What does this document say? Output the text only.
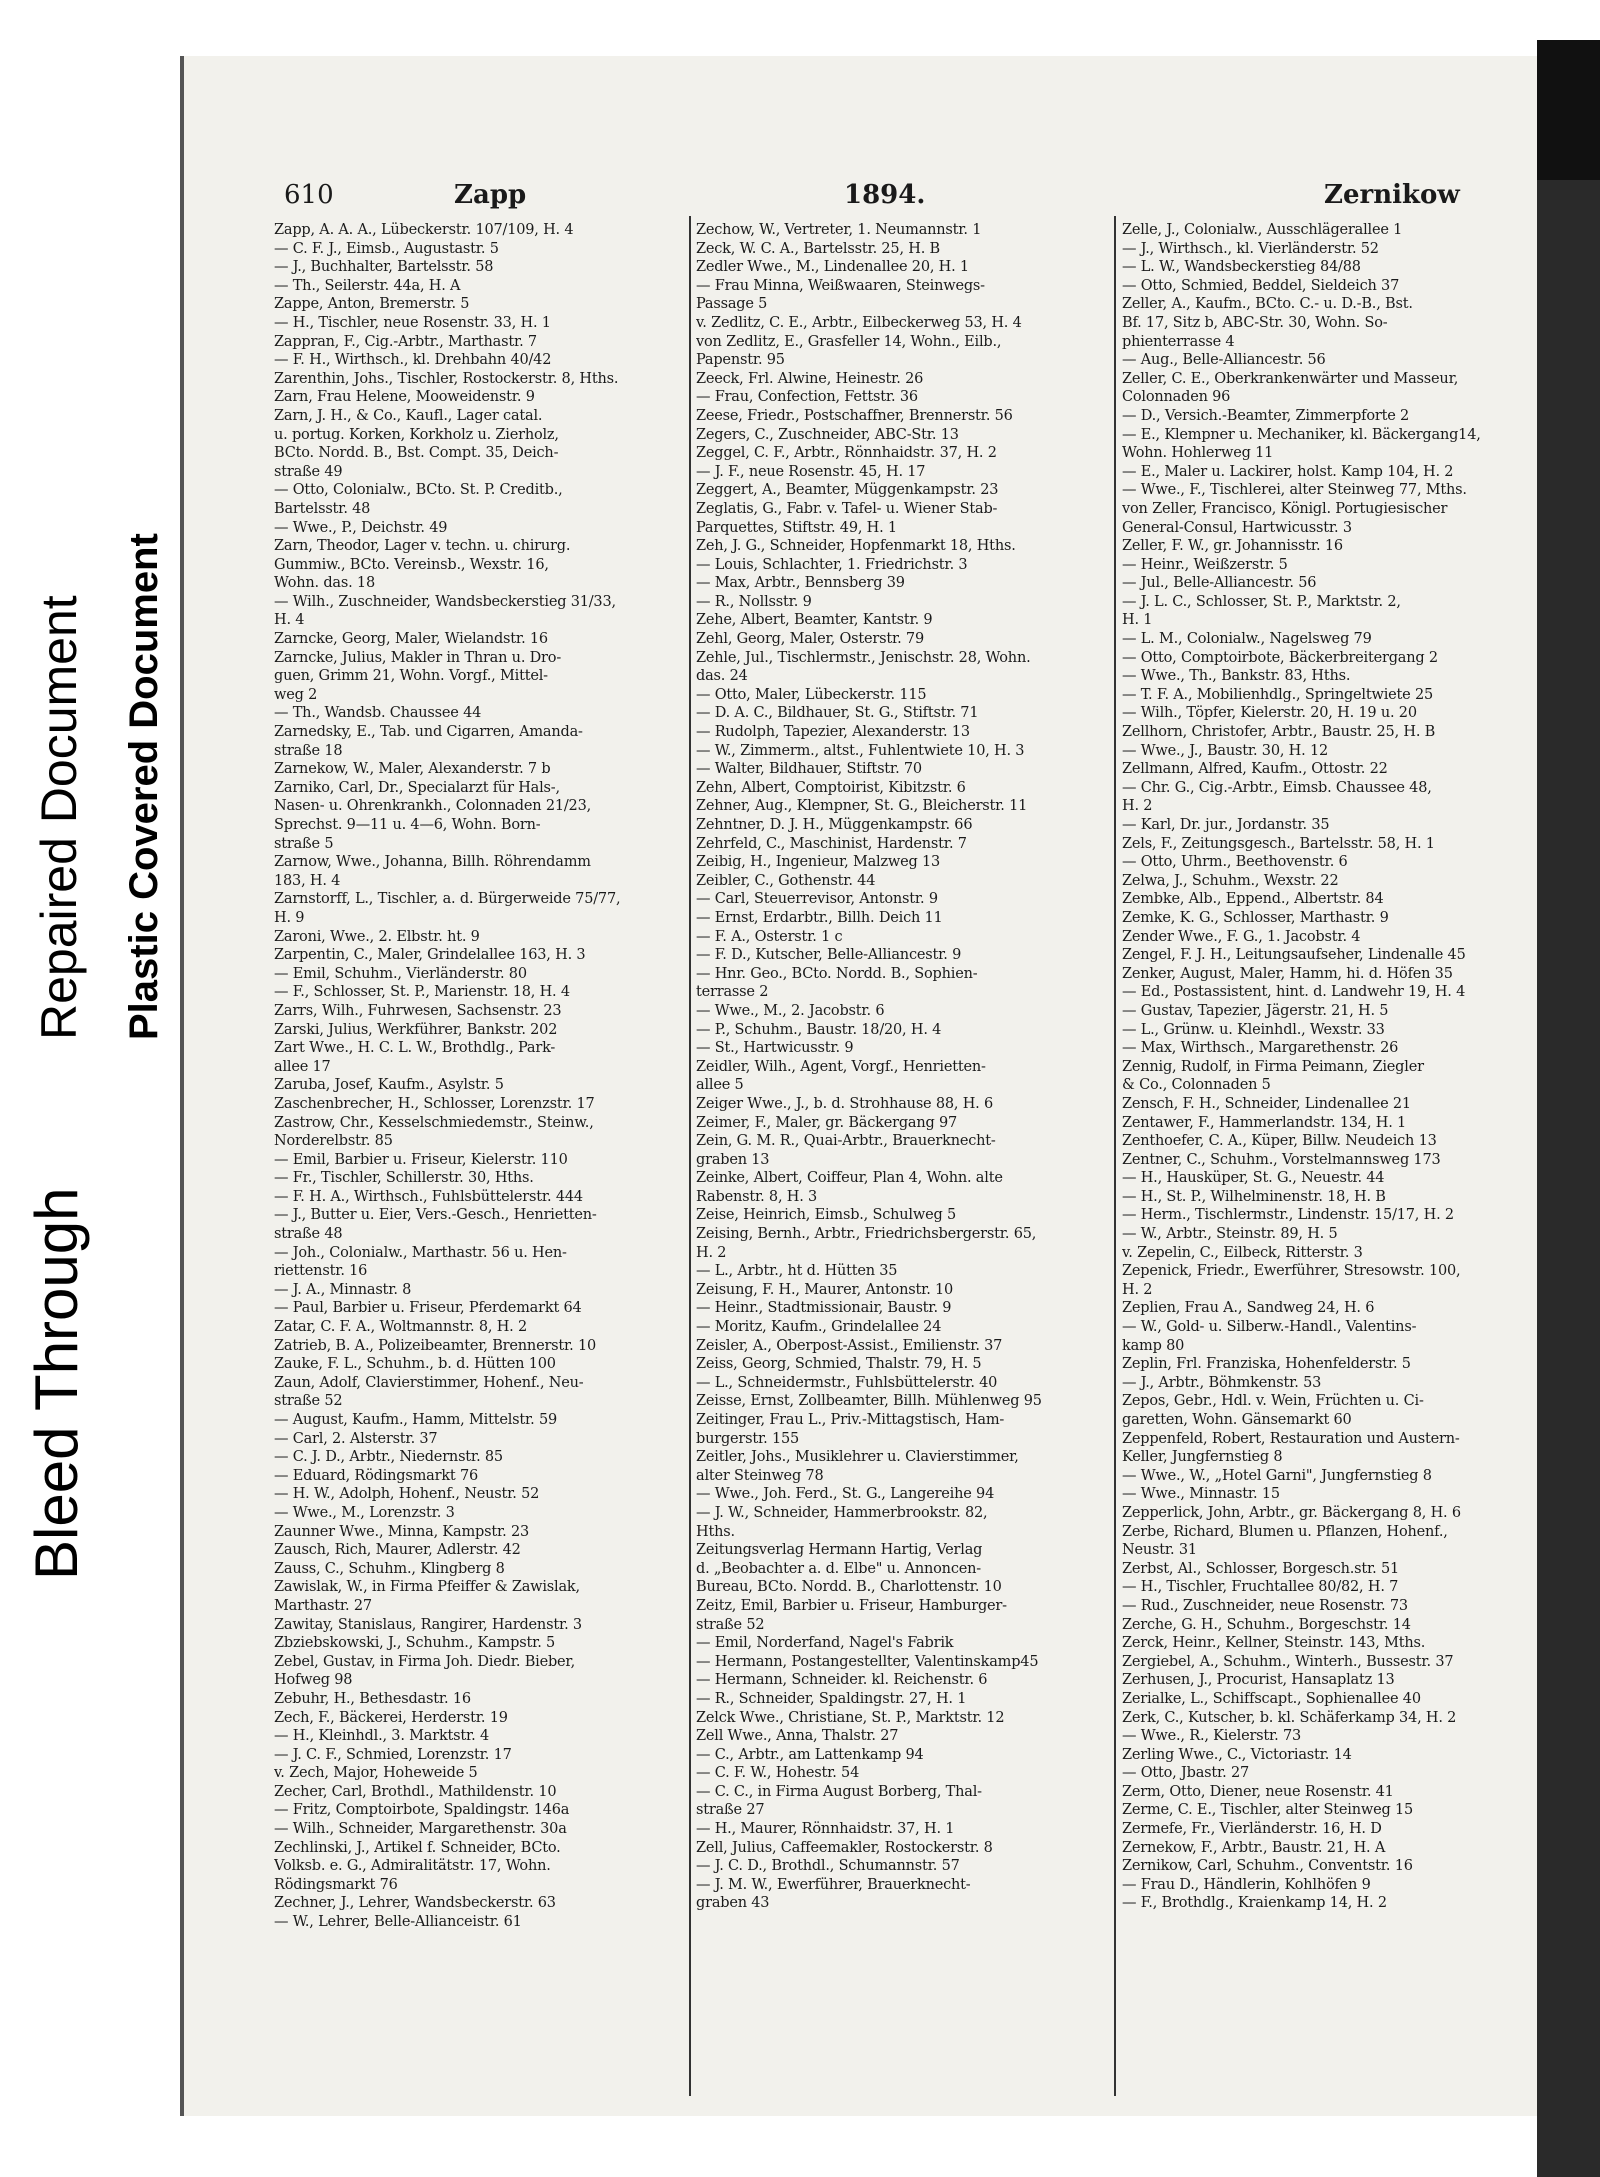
Bleed Through
Repaired Document Plastic Covered Document
610	Zapp	1894.	Zernikow

Zapp, A. A. A., Lübeckerstr. 107/109, H. 4

— C. F. J., Eimsb., Augustastr. 5

— J., Buchhalter, Bartelsstr. 58

— Th., Seilerstr. 44a, H. A

Zappe, Anton, Bremerstr. 5

— H., Tischler, neue Rosenstr. 33, H. 1

Zappran, F., Cig.-Arbtr., Marthastr. 7

— F. H., Wirthsch., kl. Drehbahn 40/42

Zarenthin, Johs., Tischler, Rostockerstr. 8, Hths.

Zarn, Frau Helene, Mooweidenstr. 9

Zarn, J. H., & Co., Kaufl., Lager catal.

u. portug. Korken, Korkholz u. Zierholz,

BCto. Nordd. B., Bst. Compt. 35, Deich-

straße 49

— Otto, Colonialw., BCto. St. P. Creditb.,

Bartelsstr. 48

— Wwe., P., Deichstr. 49

Zarn, Theodor, Lager v. techn. u. chirurg.

Gummiw., BCto. Vereinsb., Wexstr. 16,

Wohn. das. 18

— Wilh., Zuschneider, Wandsbeckerstieg 31/33,

H. 4

Zarncke, Georg, Maler, Wielandstr. 16

Zarncke, Julius, Makler in Thran u. Dro-

guen, Grimm 21, Wohn. Vorgf., Mittel-

weg 2

— Th., Wandsb. Chaussee 44

Zarnedsky, E., Tab. und Cigarren, Amanda-

straße 18

Zarnekow, W., Maler, Alexanderstr. 7 b

Zarniko, Carl, Dr., Specialarzt für Hals-,

Nasen- u. Ohrenkrankh., Colonnaden 21/23,

Sprechst. 9—11 u. 4—6, Wohn. Born-

straße 5

Zarnow, Wwe., Johanna, Billh. Röhrendamm

183, H. 4

Zarnstorff, L., Tischler, a. d. Bürgerweide 75/77,

H. 9

Zaroni, Wwe., 2. Elbstr. ht. 9

Zarpentin, C., Maler, Grindelallee 163, H. 3

— Emil, Schuhm., Vierländerstr. 80

— F., Schlosser, St. P., Marienstr. 18, H. 4

Zarrs, Wilh., Fuhrwesen, Sachsenstr. 23

Zarski, Julius, Werkführer, Bankstr. 202

Zart Wwe., H. C. L. W., Brothdlg., Park-

allee 17

Zaruba, Josef, Kaufm., Asylstr. 5

Zaschenbrecher, H., Schlosser, Lorenzstr. 17

Zastrow, Chr., Kesselschmiedemstr., Steinw.,

Norderelbstr. 85

— Emil, Barbier u. Friseur, Kielerstr. 110

— Fr., Tischler, Schillerstr. 30, Hths.

— F. H. A., Wirthsch., Fuhlsbüttelerstr. 444

— J., Butter u. Eier, Vers.-Gesch., Henrietten-

straße 48

— Joh., Colonialw., Marthastr. 56 u. Hen-

riettenstr. 16

— J. A., Minnastr. 8

— Paul, Barbier u. Friseur, Pferdemarkt 64

Zatar, C. F. A., Woltmannstr. 8, H. 2

Zatrieb, B. A., Polizeibeamter, Brennerstr. 10

Zauke, F. L., Schuhm., b. d. Hütten 100

Zaun, Adolf, Clavierstimmer, Hohenf., Neu-

straße 52

— August, Kaufm., Hamm, Mittelstr. 59

— Carl, 2. Alsterstr. 37

— C. J. D., Arbtr., Niedernstr. 85

— Eduard, Rödingsmarkt 76

— H. W., Adolph, Hohenf., Neustr. 52

— Wwe., M., Lorenzstr. 3

Zaunner Wwe., Minna, Kampstr. 23

Zausch, Rich, Maurer, Adlerstr. 42

Zauss, C., Schuhm., Klingberg 8

Zawislak, W., in Firma Pfeiffer & Zawislak,

Marthastr. 27

Zawitay, Stanislaus, Rangirer, Hardenstr. 3

Zbziebskowski, J., Schuhm., Kampstr. 5

Zebel, Gustav, in Firma Joh. Diedr. Bieber,

Hofweg 98

Zebuhr, H., Bethesdastr. 16

Zech, F., Bäckerei, Herderstr. 19

— H., Kleinhdl., 3. Marktstr. 4

— J. C. F., Schmied, Lorenzstr. 17

v. Zech, Major, Hoheweide 5

Zecher, Carl, Brothdl., Mathildenstr. 10

— Fritz, Comptoirbote, Spaldingstr. 146a

— Wilh., Schneider, Margarethenstr. 30a

Zechlinski, J., Artikel f. Schneider, BCto.

Volksb. e. G., Admiralitätstr. 17, Wohn.

Rödingsmarkt 76

Zechner, J., Lehrer, Wandsbeckerstr. 63

— W., Lehrer, Belle-Allianceistr. 61

Zechow, W., Vertreter, 1. Neumannstr. 1

Zeck, W. C. A., Bartelsstr. 25, H. B

Zedler Wwe., M., Lindenallee 20, H. 1

— Frau Minna, Weißwaaren, Steinwegs-

Passage 5

v. Zedlitz, C. E., Arbtr., Eilbeckerweg 53, H. 4

von Zedlitz, E., Grasfeller 14, Wohn., Eilb.,

Papenstr. 95

Zeeck, Frl. Alwine, Heinestr. 26

— Frau, Confection, Fettstr. 36

Zeese, Friedr., Postschaffner, Brennerstr. 56

Zegers, C., Zuschneider, ABC-Str. 13

Zeggel, C. F., Arbtr., Rönnhaidstr. 37, H. 2

— J. F., neue Rosenstr. 45, H. 17

Zeggert, A., Beamter, Müggenkampstr. 23

Zeglatis, G., Fabr. v. Tafel- u. Wiener Stab-

Parquettes, Stiftstr. 49, H. 1

Zeh, J. G., Schneider, Hopfenmarkt 18, Hths.

— Louis, Schlachter, 1. Friedrichstr. 3

— Max, Arbtr., Bennsberg 39

— R., Nollsstr. 9

Zehe, Albert, Beamter, Kantstr. 9

Zehl, Georg, Maler, Osterstr. 79

Zehle, Jul., Tischlermstr., Jenischstr. 28, Wohn.

das. 24

— Otto, Maler, Lübeckerstr. 115

— D. A. C., Bildhauer, St. G., Stiftstr. 71

— Rudolph, Tapezier, Alexanderstr. 13

— W., Zimmerm., altst., Fuhlentwiete 10, H. 3

— Walter, Bildhauer, Stiftstr. 70

Zehn, Albert, Comptoirist, Kibitzstr. 6

Zehner, Aug., Klempner, St. G., Bleicherstr. 11

Zehntner, D. J. H., Müggenkampstr. 66

Zehrfeld, C., Maschinist, Hardenstr. 7

Zeibig, H., Ingenieur, Malzweg 13

Zeibler, C., Gothenstr. 44

— Carl, Steuerrevisor, Antonstr. 9

— Ernst, Erdarbtr., Billh. Deich 11

— F. A., Osterstr. 1 c

— F. D., Kutscher, Belle-Alliancestr. 9

— Hnr. Geo., BCto. Nordd. B., Sophien-

terrasse 2

— Wwe., M., 2. Jacobstr. 6

— P., Schuhm., Baustr. 18/20, H. 4

— St., Hartwicusstr. 9

Zeidler, Wilh., Agent, Vorgf., Henrietten-

allee 5

Zeiger Wwe., J., b. d. Strohhause 88, H. 6

Zeimer, F., Maler, gr. Bäckergang 97

Zein, G. M. R., Quai-Arbtr., Brauerknecht-

graben 13

Zeinke, Albert, Coiffeur, Plan 4, Wohn. alte

Rabenstr. 8, H. 3

Zeise, Heinrich, Eimsb., Schulweg 5

Zeising, Bernh., Arbtr., Friedrichsbergerstr. 65,

H. 2

— L., Arbtr., ht d. Hütten 35

Zeisung, F. H., Maurer, Antonstr. 10

— Heinr., Stadtmissionair, Baustr. 9

— Moritz, Kaufm., Grindelallee 24

Zeisler, A., Oberpost-Assist., Emilienstr. 37

Zeiss, Georg, Schmied, Thalstr. 79, H. 5

— L., Schneidermstr., Fuhlsbüttelerstr. 40

Zeisse, Ernst, Zollbeamter, Billh. Mühlenweg 95

Zeitinger, Frau L., Priv.-Mittagstisch, Ham-

burgerstr. 155

Zeitler, Johs., Musiklehrer u. Clavierstimmer,

alter Steinweg 78

— Wwe., Joh. Ferd., St. G., Langereihe 94

— J. W., Schneider, Hammerbrookstr. 82,

Hths.

Zeitungsverlag Hermann Hartig, Verlag

d. „Beobachter a. d. Elbe" u. Annoncen-

Bureau, BCto. Nordd. B., Charlottenstr. 10

Zeitz, Emil, Barbier u. Friseur, Hamburger-

straße 52

— Emil, Norderfand, Nagel's Fabrik

— Hermann, Postangestellter, Valentinskamp45

— Hermann, Schneider. kl. Reichenstr. 6

— R., Schneider, Spaldingstr. 27, H. 1

Zelck Wwe., Christiane, St. P., Marktstr. 12

Zell Wwe., Anna, Thalstr. 27

— C., Arbtr., am Lattenkamp 94

— C. F. W., Hohestr. 54

— C. C., in Firma August Borberg, Thal-

straße 27

— H., Maurer, Rönnhaidstr. 37, H. 1

Zell, Julius, Caffeemakler, Rostockerstr. 8

— J. C. D., Brothdl., Schumannstr. 57

— J. M. W., Ewerführer, Brauerknecht-

graben 43

Zelle, J., Colonialw., Ausschlägerallee 1

— J., Wirthsch., kl. Vierländerstr. 52

— L. W., Wandsbeckerstieg 84/88

— Otto, Schmied, Beddel, Sieldeich 37

Zeller, A., Kaufm., BCto. C.- u. D.-B., Bst.

Bf. 17, Sitz b, ABC-Str. 30, Wohn. So-

phienterrasse 4

— Aug., Belle-Alliancestr. 56

Zeller, C. E., Oberkrankenwärter und Masseur,

Colonnaden 96

— D., Versich.-Beamter, Zimmerpforte 2

— E., Klempner u. Mechaniker, kl. Bäckergang14,

Wohn. Hohlerweg 11

— E., Maler u. Lackirer, holst. Kamp 104, H. 2

— Wwe., F., Tischlerei, alter Steinweg 77, Mths.

von Zeller, Francisco, Königl. Portugiesischer

General-Consul, Hartwicusstr. 3

Zeller, F. W., gr. Johannisstr. 16

— Heinr., Weißzerstr. 5

— Jul., Belle-Alliancestr. 56

— J. L. C., Schlosser, St. P., Marktstr. 2,

H. 1

— L. M., Colonialw., Nagelsweg 79

— Otto, Comptoirbote, Bäckerbreitergang 2

— Wwe., Th., Bankstr. 83, Hths.

— T. F. A., Mobilienhdlg., Springeltwiete 25

— Wilh., Töpfer, Kielerstr. 20, H. 19 u. 20

Zellhorn, Christofer, Arbtr., Baustr. 25, H. B

— Wwe., J., Baustr. 30, H. 12

Zellmann, Alfred, Kaufm., Ottostr. 22

— Chr. G., Cig.-Arbtr., Eimsb. Chaussee 48,

H. 2

— Karl, Dr. jur., Jordanstr. 35

Zels, F., Zeitungsgesch., Bartelsstr. 58, H. 1

— Otto, Uhrm., Beethovenstr. 6

Zelwa, J., Schuhm., Wexstr. 22

Zembke, Alb., Eppend., Albertstr. 84

Zemke, K. G., Schlosser, Marthastr. 9

Zender Wwe., F. G., 1. Jacobstr. 4

Zengel, F. J. H., Leitungsaufseher, Lindenalle 45

Zenker, August, Maler, Hamm, hi. d. Höfen 35

— Ed., Postassistent, hint. d. Landwehr 19, H. 4

— Gustav, Tapezier, Jägerstr. 21, H. 5

— L., Grünw. u. Kleinhdl., Wexstr. 33

— Max, Wirthsch., Margarethenstr. 26

Zennig, Rudolf, in Firma Peimann, Ziegler

& Co., Colonnaden 5

Zensch, F. H., Schneider, Lindenallee 21

Zentawer, F., Hammerlandstr. 134, H. 1

Zenthoefer, C. A., Küper, Billw. Neudeich 13

Zentner, C., Schuhm., Vorstelmannsweg 173

— H., Hausküper, St. G., Neuestr. 44

— H., St. P., Wilhelminenstr. 18, H. B

— Herm., Tischlermstr., Lindenstr. 15/17, H. 2

— W., Arbtr., Steinstr. 89, H. 5

v. Zepelin, C., Eilbeck, Ritterstr. 3

Zepenick, Friedr., Ewerführer, Stresowstr. 100,

H. 2

Zeplien, Frau A., Sandweg 24, H. 6

— W., Gold- u. Silberw.-Handl., Valentins-

kamp 80

Zeplin, Frl. Franziska, Hohenfelderstr. 5

— J., Arbtr., Böhmkenstr. 53

Zepos, Gebr., Hdl. v. Wein, Früchten u. Ci-

garetten, Wohn. Gänsemarkt 60

Zeppenfeld, Robert, Restauration und Austern-

Keller, Jungfernstieg 8

— Wwe., W., „Hotel Garni", Jungfernstieg 8

— Wwe., Minnastr. 15

Zepperlick, John, Arbtr., gr. Bäckergang 8, H. 6

Zerbe, Richard, Blumen u. Pflanzen, Hohenf.,

Neustr. 31

Zerbst, Al., Schlosser, Borgesch.str. 51

— H., Tischler, Fruchtallee 80/82, H. 7

— Rud., Zuschneider, neue Rosenstr. 73

Zerche, G. H., Schuhm., Borgeschstr. 14

Zerck, Heinr., Kellner, Steinstr. 143, Mths.

Zergiebel, A., Schuhm., Winterh., Bussestr. 37

Zerhusen, J., Procurist, Hansaplatz 13

Zerialke, L., Schiffscapt., Sophienallee 40

Zerk, C., Kutscher, b. kl. Schäferkamp 34, H. 2

— Wwe., R., Kielerstr. 73

Zerling Wwe., C., Victoriastr. 14

— Otto, Jbastr. 27

Zerm, Otto, Diener, neue Rosenstr. 41

Zerme, C. E., Tischler, alter Steinweg 15

Zermefe, Fr., Vierländerstr. 16, H. D

Zernekow, F., Arbtr., Baustr. 21, H. A

Zernikow, Carl, Schuhm., Conventstr. 16

— Frau D., Händlerin, Kohlhöfen 9

— F., Brothdlg., Kraienkamp 14, H. 2
